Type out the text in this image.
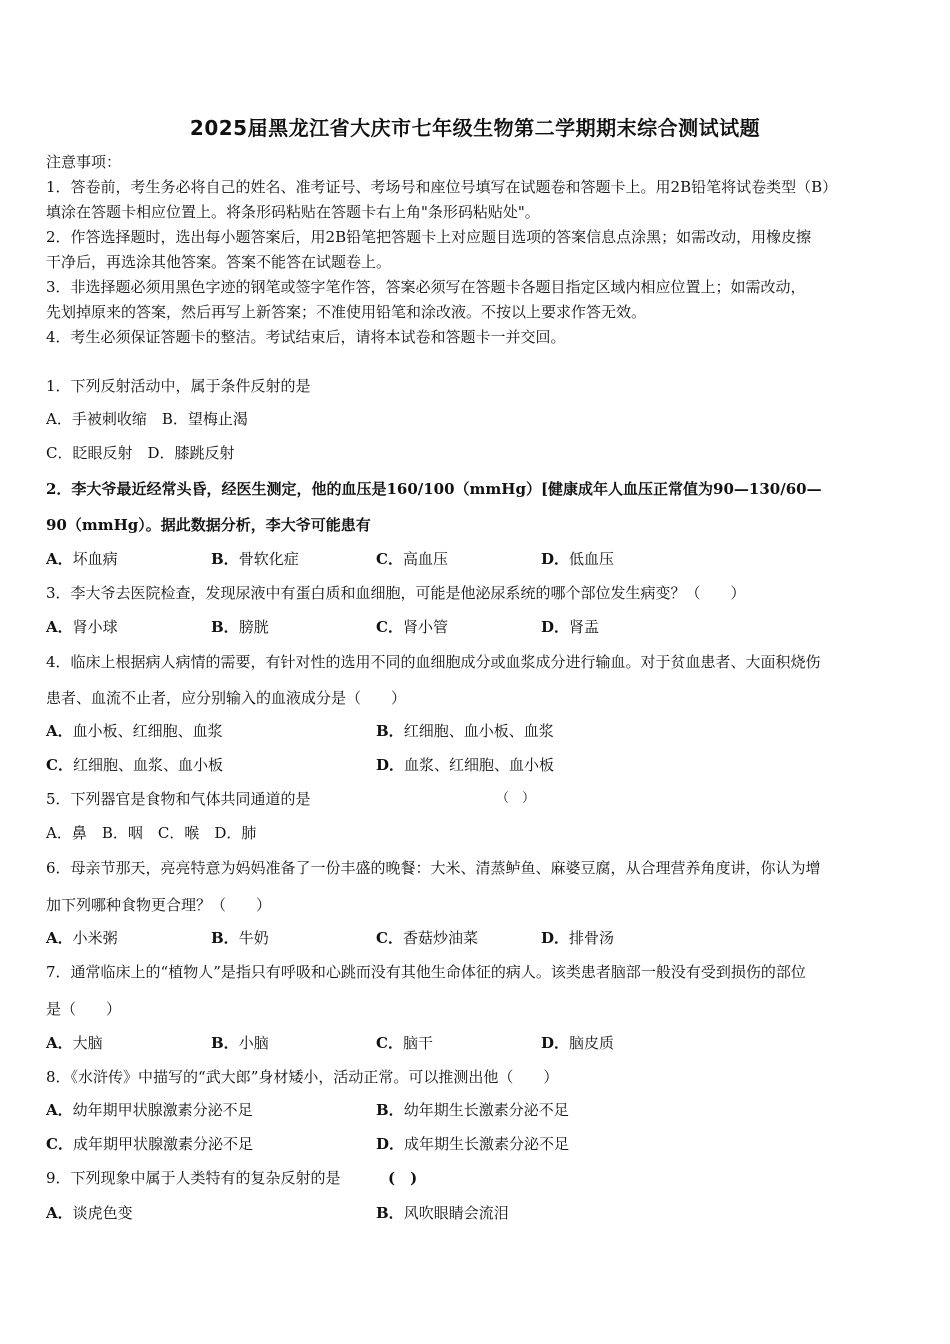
2025届黑龙江省大庆市七年级生物第二学期期末综合测试试题
注意事项：
1．答卷前，考生务必将自己的姓名、准考证号、考场号和座位号填写在试题卷和答题卡上。用2B铅笔将试卷类型（B）
填涂在答题卡相应位置上。将条形码粘贴在答题卡右上角"条形码粘贴处"。
2．作答选择题时，选出每小题答案后，用2B铅笔把答题卡上对应题目选项的答案信息点涂黑；如需改动，用橡皮擦
干净后，再选涂其他答案。答案不能答在试题卷上。
3．非选择题必须用黑色字迹的钢笔或签字笔作答，答案必须写在答题卡各题目指定区域内相应位置上；如需改动，
先划掉原来的答案，然后再写上新答案；不准使用铅笔和涂改液。不按以上要求作答无效。
4．考生必须保证答题卡的整洁。考试结束后，请将本试卷和答题卡一并交回。
1．下列反射活动中，属于条件反射的是
A．手被刺收缩　B．望梅止渴
C．眨眼反射　D．膝跳反射
2．李大爷最近经常头昏，经医生测定，他的血压是160/100（mmHg）[健康成年人血压正常值为90—130/60—
90（mmHg）。据此数据分析，李大爷可能患有
A．坏血病	B．骨软化症	C．高血压	D．低血压
3．李大爷去医院检查，发现尿液中有蛋白质和血细胞，可能是他泌尿系统的哪个部位发生病变？（　　）
A．肾小球	B．膀胱	C．肾小管	D．肾盂
4．临床上根据病人病情的需要，有针对性的选用不同的血细胞成分或血浆成分进行输血。对于贫血患者、大面积烧伤
患者、血流不止者，应分别输入的血液成分是（　　）
A．血小板、红细胞、血浆	B．红细胞、血小板、血浆
C．红细胞、血浆、血小板	D．血浆、红细胞、血小板
5．下列器官是食物和气体共同通道的是	（　）
A．鼻　B．咽　C．喉　D．肺
6．母亲节那天，亮亮特意为妈妈准备了一份丰盛的晚餐：大米、清蒸鲈鱼、麻婆豆腐，从合理营养角度讲，你认为增
加下列哪种食物更合理？（　　）
A．小米粥	B．牛奶	C．香菇炒油菜	D．排骨汤
7．通常临床上的“植物人”是指只有呼吸和心跳而没有其他生命体征的病人。该类患者脑部一般没有受到损伤的部位
是（　　）
A．大脑	B．小脑	C．脑干	D．脑皮质
8．《水浒传》中描写的“武大郎”身材矮小，活动正常。可以推测出他（　　）
A．幼年期甲状腺激素分泌不足	B．幼年期生长激素分泌不足
C．成年期甲状腺激素分泌不足	D．成年期生长激素分泌不足
9．下列现象中属于人类特有的复杂反射的是	(　)
A．谈虎色变	B．风吹眼睛会流泪
